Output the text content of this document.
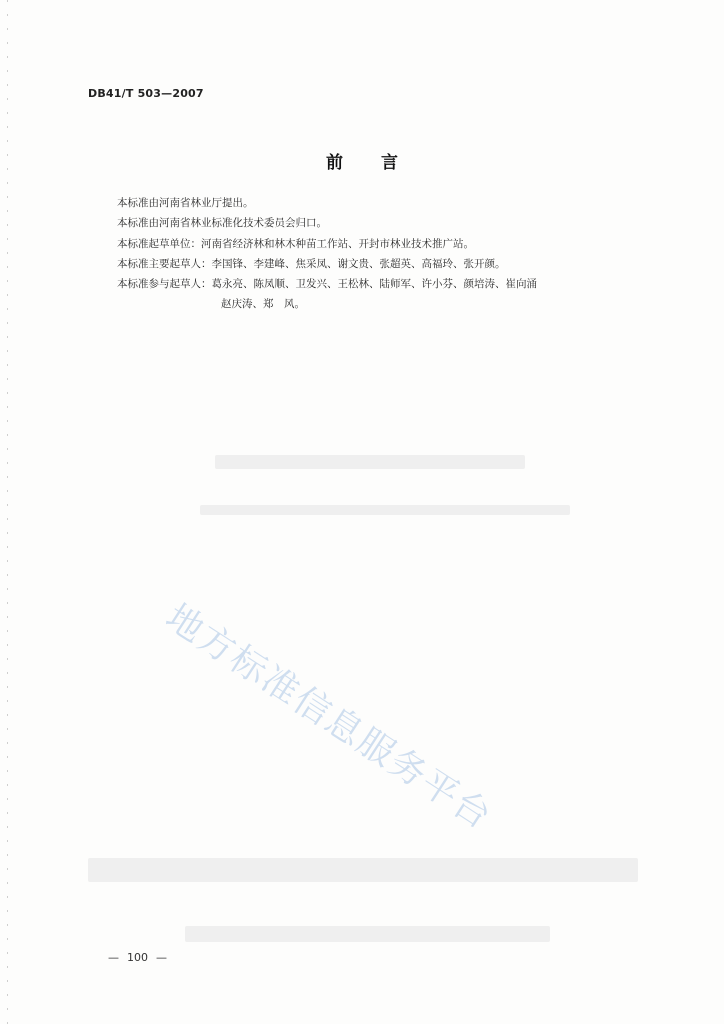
DB41/T 503—2007
前 言
本标准由河南省林业厅提出。
本标准由河南省林业标准化技术委员会归口。
本标准起草单位：河南省经济林和林木种苗工作站、开封市林业技术推广站。
本标准主要起草人：李国锋、李建峰、焦采凤、谢文贵、张超英、高福玲、张开颜。
本标准参与起草人：葛永亮、陈凤顺、卫发兴、王松林、陆师军、许小芬、颜培涛、崔向涌
赵庆涛、郑　风。
地方标准信息服务平台
— 100 —
